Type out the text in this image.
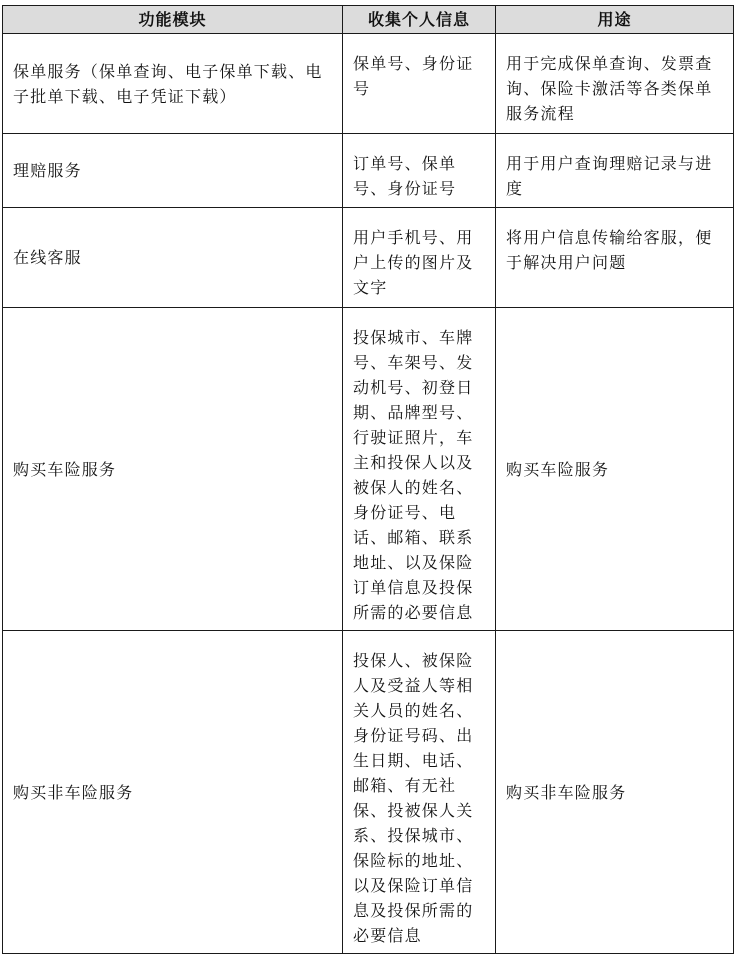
功能模块	收集个人信息	用途
保单服务（保单查询、电子保单下载、电子批单下载、电子凭证下载）	保单号、身份证号	用于完成保单查询、发票查询、保险卡激活等各类保单服务流程
理赔服务	订单号、保单号、身份证号	用于用户查询理赔记录与进度
在线客服	用户手机号、用户上传的图片及文字	将用户信息传输给客服，便于解决用户问题
购买车险服务	投保城市、车牌号、车架号、发动机号、初登日期、品牌型号、行驶证照片，车主和投保人以及被保人的姓名、身份证号、电话、邮箱、联系地址、以及保险订单信息及投保所需的必要信息	购买车险服务
购买非车险服务	投保人、被保险人及受益人等相关人员的姓名、身份证号码、出生日期、电话、邮箱、有无社保、投被保人关系、投保城市、保险标的地址、以及保险订单信息及投保所需的必要信息	购买非车险服务
